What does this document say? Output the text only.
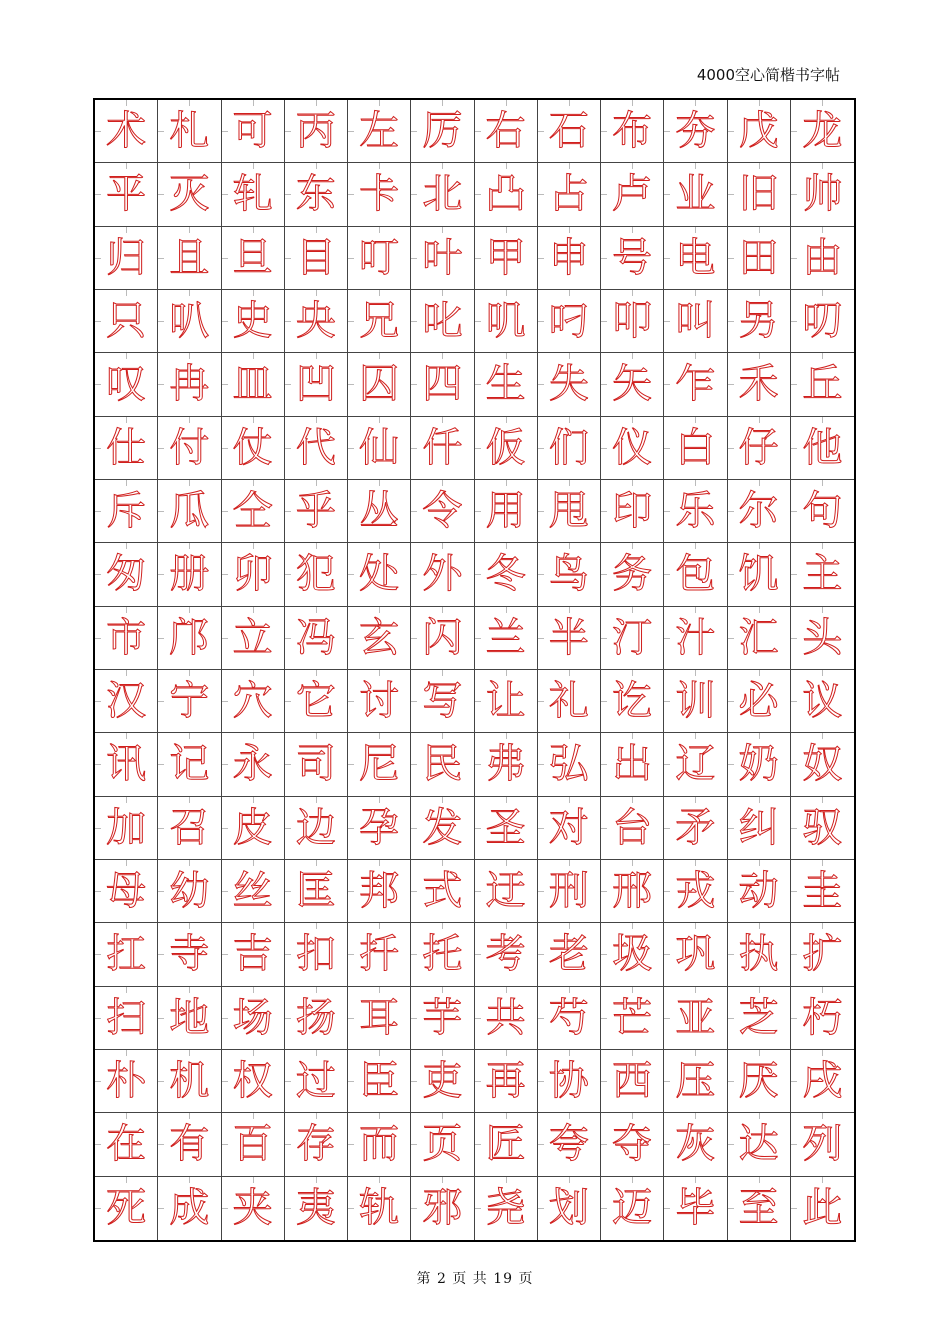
4000空心简楷书字帖
术 札 可 丙 左 厉 右 石 布 夯 戊 龙
平 灭 轧 东 卡 北 凸 占 卢 业 旧 帅
归 且 旦 目 叮 叶 甲 申 号 电 田 由
只 叭 史 央 兄 叱 叽 叼 叩 叫 另 叨
叹 冉 皿 凹 囚 四 生 失 矢 乍 禾 丘
仕 付 仗 代 仙 仟 仮 们 仪 白 仔 他
斥 瓜 仝 乎 丛 令 用 甩 印 乐 尔 句
匆 册 卯 犯 处 外 冬 鸟 务 包 饥 主
市 邝 立 冯 玄 闪 兰 半 汀 汁 汇 头
汉 宁 穴 它 讨 写 让 礼 讫 训 必 议
讯 记 永 司 尼 民 弗 弘 出 辽 奶 奴
加 召 皮 边 孕 发 圣 对 台 矛 纠 驭
母 幼 丝 匡 邦 式 迂 刑 邢 戎 动 圭
扛 寺 吉 扣 扦 托 考 老 圾 巩 执 扩
扫 地 场 扬 耳 芋 共 芍 芒 亚 芝 朽
朴 机 权 过 臣 吏 再 协 西 压 厌 戌
在 有 百 存 而 页 匠 夸 夺 灰 达 列
死 成 夹 夷 轨 邪 尧 划 迈 毕 至 此
第 2 页 共 19 页
